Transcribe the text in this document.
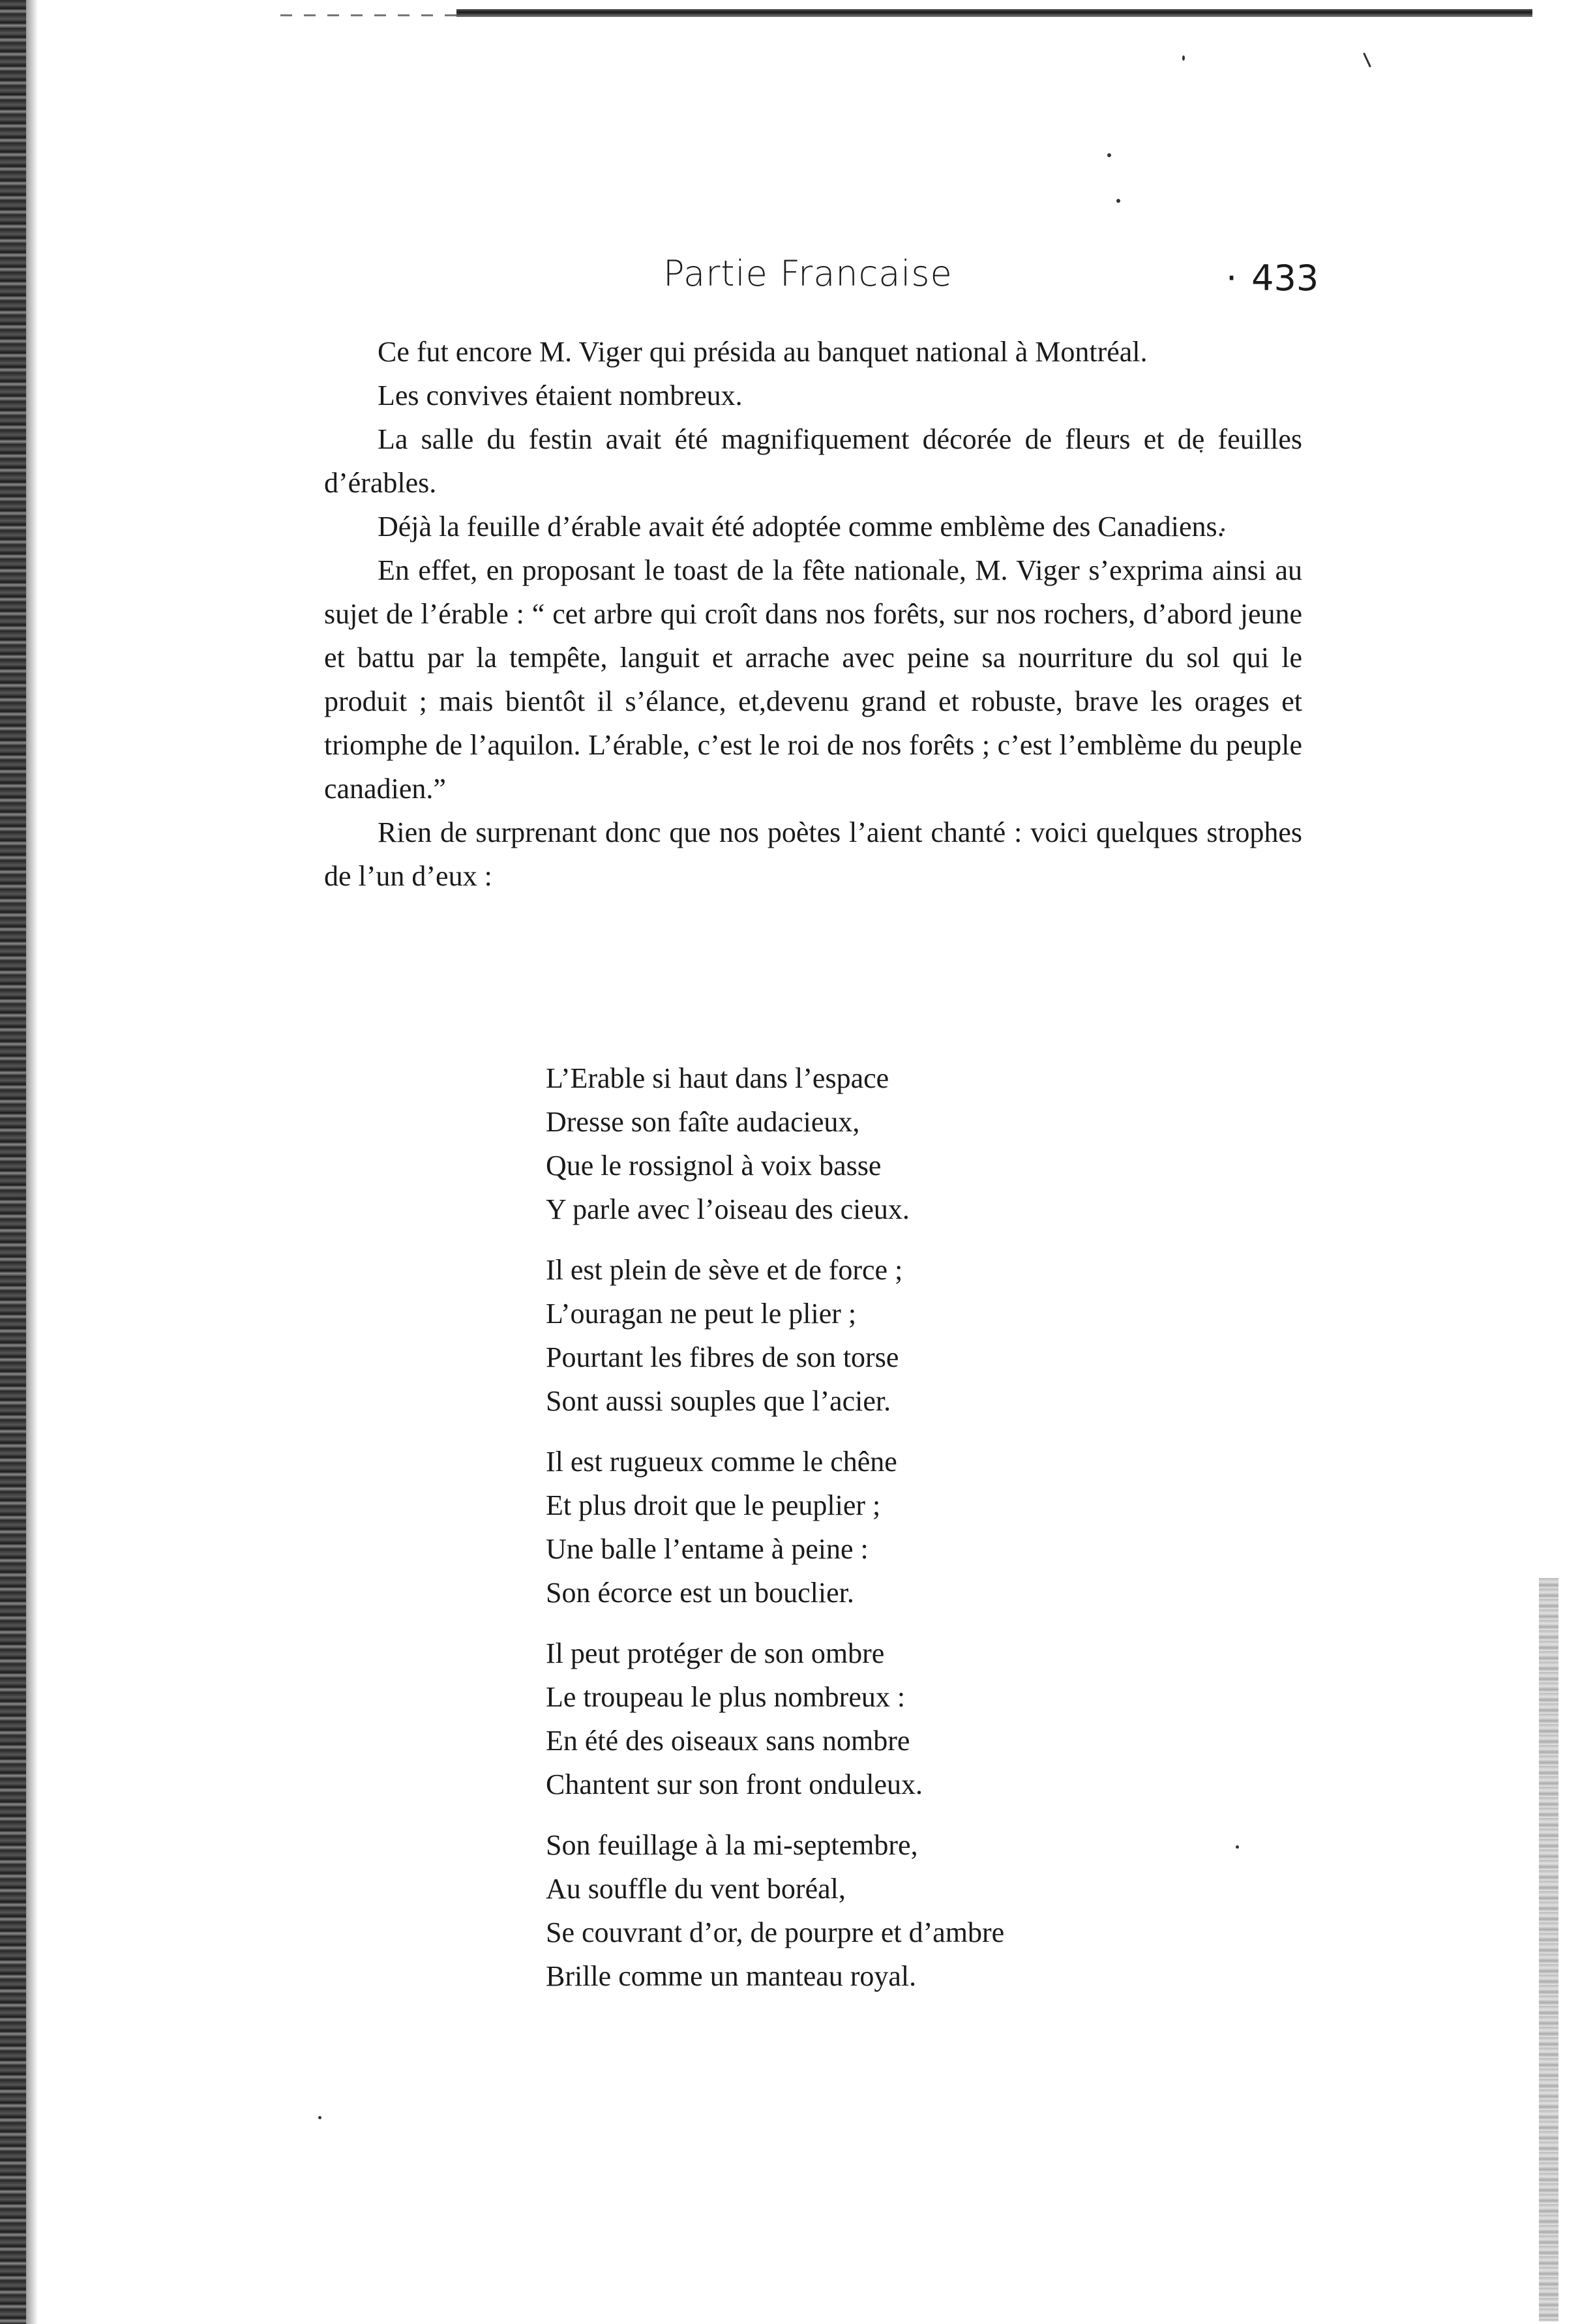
Partie Francaise	· 433

Ce fut encore M. Viger qui présida au banquet national à Montréal.

Les convives étaient nombreux.

La salle du festin avait été magnifiquement décorée de fleurs et de feuilles d’érables.

Déjà la feuille d’érable avait été adoptée comme emblème des Canadiens.

En effet, en proposant le toast de la fête nationale, M. Viger s’exprima ainsi au sujet de l’érable : “ cet arbre qui croît dans nos forêts, sur nos rochers, d’abord jeune et battu par la tempête, languit et arrache avec peine sa nourriture du sol qui le produit ; mais bientôt il s’élance, et,devenu grand et robuste, brave les orages et triomphe de l’aquilon. L’érable, c’est le roi de nos forêts ; c’est l’emblème du peuple canadien.”

Rien de surprenant donc que nos poètes l’aient chanté : voici quelques strophes de l’un d’eux :

L’Erable si haut dans l’espace
Dresse son faîte audacieux,
Que le rossignol à voix basse
Y parle avec l’oiseau des cieux.
Il est plein de sève et de force ;
L’ouragan ne peut le plier ;
Pourtant les fibres de son torse
Sont aussi souples que l’acier.
Il est rugueux comme le chêne
Et plus droit que le peuplier ;
Une balle l’entame à peine :
Son écorce est un bouclier.
Il peut protéger de son ombre
Le troupeau le plus nombreux :
En été des oiseaux sans nombre
Chantent sur son front onduleux.
Son feuillage à la mi-septembre,
Au souffle du vent boréal,
Se couvrant d’or, de pourpre et d’ambre
Brille comme un manteau royal.
